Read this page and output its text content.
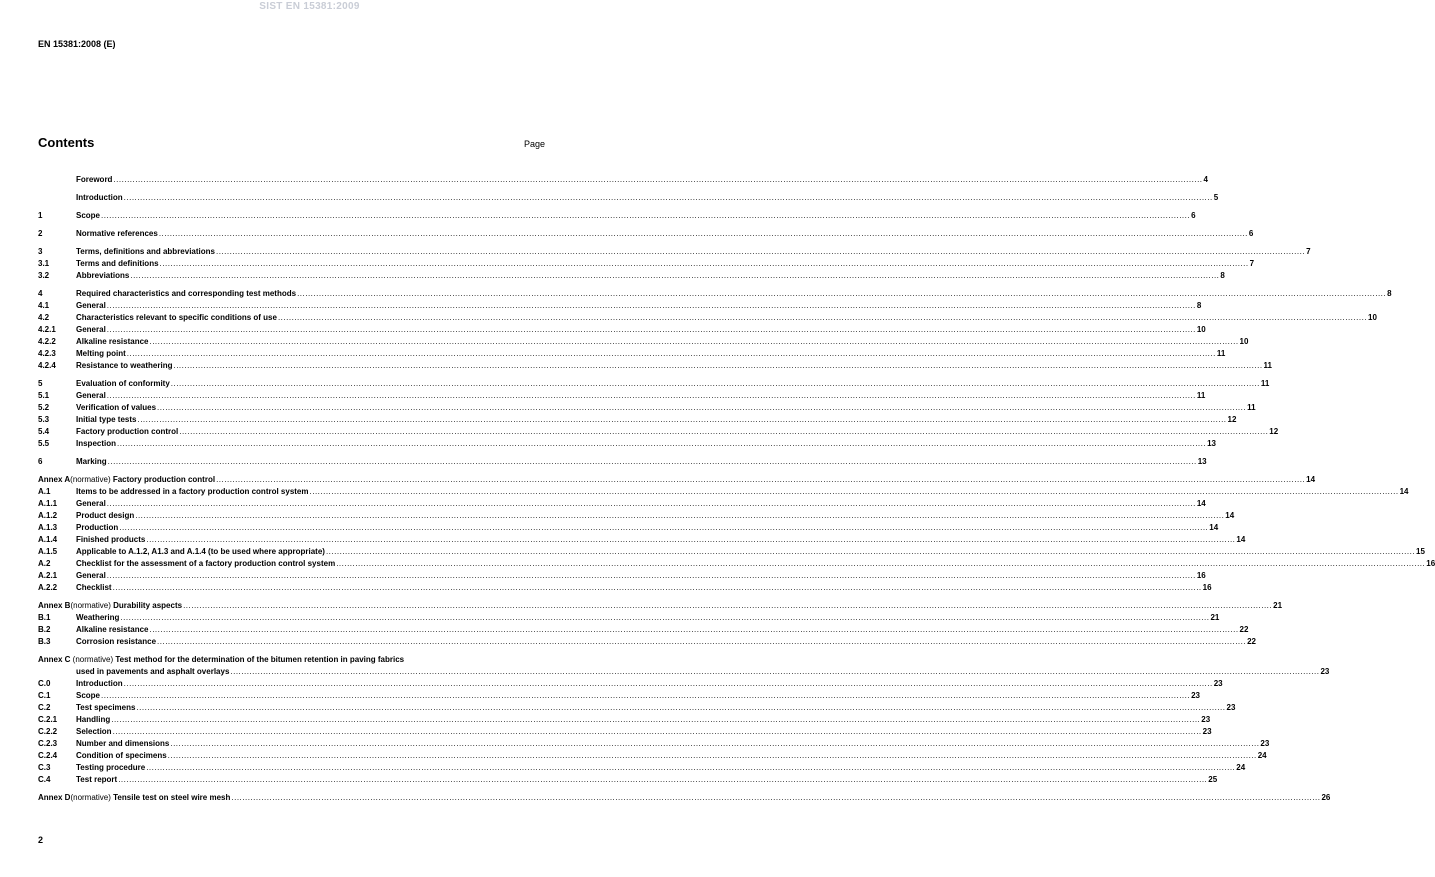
SIST EN 15381:2009
EN 15381:2008 (E)
Contents	Page
Foreword ................................................................................................................................................................................................................................................................................................................................................................................................................ 4
Introduction ................................................................................................................................................................................................................................................................................................................................................................................................................ 5
1	Scope ................................................................................................................................................................................................................................................................................................................................................................................................................ 6
2	Normative references ................................................................................................................................................................................................................................................................................................................................................................................................................ 6
3	Terms, definitions and abbreviations ................................................................................................................................................................................................................................................................................................................................................................................................................ 7
3.1	Terms and definitions ................................................................................................................................................................................................................................................................................................................................................................................................................ 7
3.2	Abbreviations ................................................................................................................................................................................................................................................................................................................................................................................................................ 8
4	Required characteristics and corresponding test methods ................................................................................................................................................................................................................................................................................................................................................................................................................ 8
4.1	General ................................................................................................................................................................................................................................................................................................................................................................................................................ 8
4.2	Characteristics relevant to specific conditions of use ................................................................................................................................................................................................................................................................................................................................................................................................................ 10
4.2.1	General ................................................................................................................................................................................................................................................................................................................................................................................................................ 10
4.2.2	Alkaline resistance ................................................................................................................................................................................................................................................................................................................................................................................................................ 10
4.2.3	Melting point ................................................................................................................................................................................................................................................................................................................................................................................................................ 11
4.2.4	Resistance to weathering ................................................................................................................................................................................................................................................................................................................................................................................................................ 11
5	Evaluation of conformity ................................................................................................................................................................................................................................................................................................................................................................................................................ 11
5.1	General ................................................................................................................................................................................................................................................................................................................................................................................................................ 11
5.2	Verification of values ................................................................................................................................................................................................................................................................................................................................................................................................................ 11
5.3	Initial type tests ................................................................................................................................................................................................................................................................................................................................................................................................................ 12
5.4	Factory production control ................................................................................................................................................................................................................................................................................................................................................................................................................ 12
5.5	Inspection ................................................................................................................................................................................................................................................................................................................................................................................................................ 13
6	Marking ................................................................................................................................................................................................................................................................................................................................................................................................................ 13
Annex A (normative) Factory production control ................................................................................................................................................................................................................................................................................................................................................................................................................ 14
A.1	Items to be addressed in a factory production control system ................................................................................................................................................................................................................................................................................................................................................................................................................ 14
A.1.1	General ................................................................................................................................................................................................................................................................................................................................................................................................................ 14
A.1.2	Product design ................................................................................................................................................................................................................................................................................................................................................................................................................ 14
A.1.3	Production ................................................................................................................................................................................................................................................................................................................................................................................................................ 14
A.1.4	Finished products ................................................................................................................................................................................................................................................................................................................................................................................................................ 14
A.1.5	Applicable to A.1.2, A1.3 and A.1.4 (to be used where appropriate) ................................................................................................................................................................................................................................................................................................................................................................................................................ 15
A.2	Checklist for the assessment of a factory production control system ................................................................................................................................................................................................................................................................................................................................................................................................................ 16
A.2.1	General ................................................................................................................................................................................................................................................................................................................................................................................................................ 16
A.2.2	Checklist ................................................................................................................................................................................................................................................................................................................................................................................................................ 16
Annex B (normative) Durability aspects ................................................................................................................................................................................................................................................................................................................................................................................................................ 21
B.1	Weathering ................................................................................................................................................................................................................................................................................................................................................................................................................ 21
B.2	Alkaline resistance ................................................................................................................................................................................................................................................................................................................................................................................................................ 22
B.3	Corrosion resistance ................................................................................................................................................................................................................................................................................................................................................................................................................ 22
Annex C (normative) Test method for the determination of the bitumen retention in paving fabrics
used in pavements and asphalt overlays ................................................................................................................................................................................................................................................................................................................................................................................................................ 23
C.0	Introduction ................................................................................................................................................................................................................................................................................................................................................................................................................ 23
C.1	Scope ................................................................................................................................................................................................................................................................................................................................................................................................................ 23
C.2	Test specimens ................................................................................................................................................................................................................................................................................................................................................................................................................ 23
C.2.1	Handling ................................................................................................................................................................................................................................................................................................................................................................................................................ 23
C.2.2	Selection ................................................................................................................................................................................................................................................................................................................................................................................................................ 23
C.2.3	Number and dimensions ................................................................................................................................................................................................................................................................................................................................................................................................................ 23
C.2.4	Condition of specimens ................................................................................................................................................................................................................................................................................................................................................................................................................ 24
C.3	Testing procedure ................................................................................................................................................................................................................................................................................................................................................................................................................ 24
C.4	Test report ................................................................................................................................................................................................................................................................................................................................................................................................................ 25
Annex D (normative) Tensile test on steel wire mesh ................................................................................................................................................................................................................................................................................................................................................................................................................ 26
2
